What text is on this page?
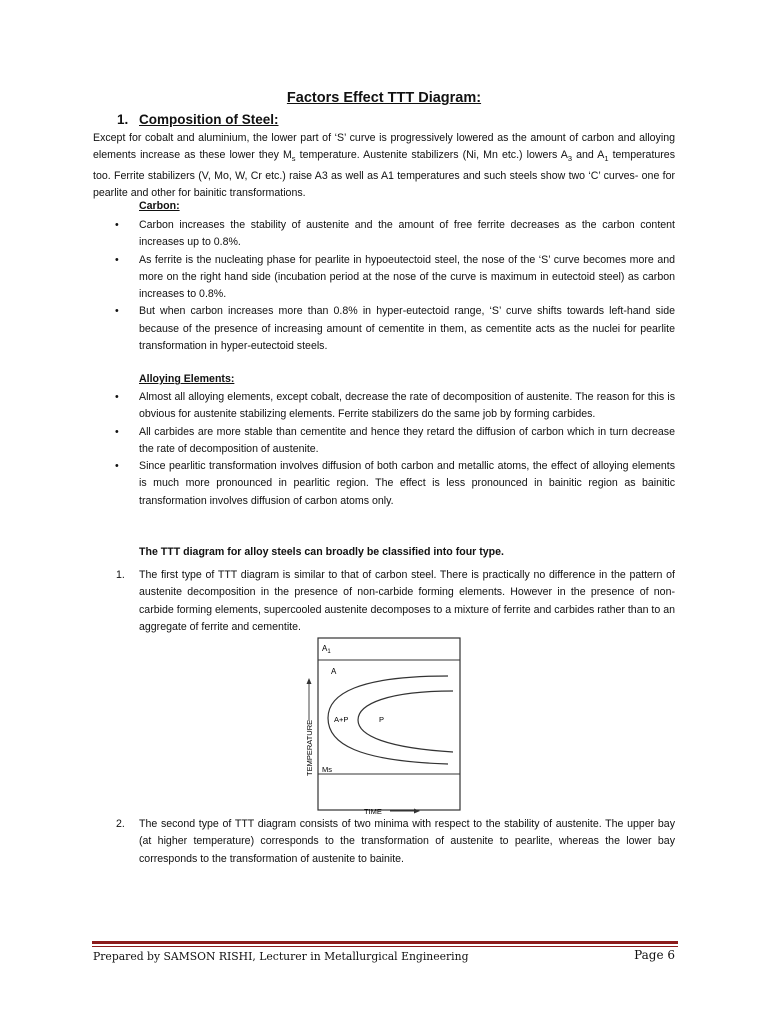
Factors Effect TTT Diagram:
1. Composition of Steel:
Except for cobalt and aluminium, the lower part of ‘S’ curve is progressively lowered as the amount of carbon and alloying elements increase as these lower they $M_s$ temperature. Austenite stabilizers (Ni, Mn etc.) lowers $A_3$ and $A_1$ temperatures too. Ferrite stabilizers (V, Mo, W, Cr etc.) raise A3 as well as A1 temperatures and such steels show two ‘C’ curves- one for pearlite and other for bainitic transformations.
Carbon:
• Carbon increases the stability of austenite and the amount of free ferrite decreases as the carbon content increases up to 0.8%.
• As ferrite is the nucleating phase for pearlite in hypoeutectoid steel, the nose of the ‘S’ curve becomes more and more on the right hand side (incubation period at the nose of the curve is maximum in eutectoid steel) as carbon increases to 0.8%.
• But when carbon increases more than 0.8% in hyper-eutectoid range, ‘S’ curve shifts towards left-hand side because of the presence of increasing amount of cementite in them, as cementite acts as the nuclei for pearlite transformation in hyper-eutectoid steels.
Alloying Elements:
• Almost all alloying elements, except cobalt, decrease the rate of decomposition of austenite. The reason for this is obvious for austenite stabilizing elements. Ferrite stabilizers do the same job by forming carbides.
• All carbides are more stable than cementite and hence they retard the diffusion of carbon which in turn decrease the rate of decomposition of austenite.
• Since pearlitic transformation involves diffusion of both carbon and metallic atoms, the effect of alloying elements is much more pronounced in pearlitic region. The effect is less pronounced in bainitic region as bainitic transformation involves diffusion of carbon atoms only.
The TTT diagram for alloy steels can broadly be classified into four type.
1. The first type of TTT diagram is similar to that of carbon steel. There is practically no difference in the pattern of austenite decomposition in the presence of non-carbide forming elements. However in the presence of non-carbide forming elements, supercooled austenite decomposes to a mixture of ferrite and carbides rather than to an aggregate of ferrite and cementite.
$A_1$
A
A+P	P
Ms
TEMPERATURE
TIME
2. The second type of TTT diagram consists of two minima with respect to the stability of austenite. The upper bay (at higher temperature) corresponds to the transformation of austenite to pearlite, whereas the lower bay corresponds to the transformation of austenite to bainite.
Prepared by SAMSON RISHI, Lecturer in Metallurgical Engineering	Page 6
